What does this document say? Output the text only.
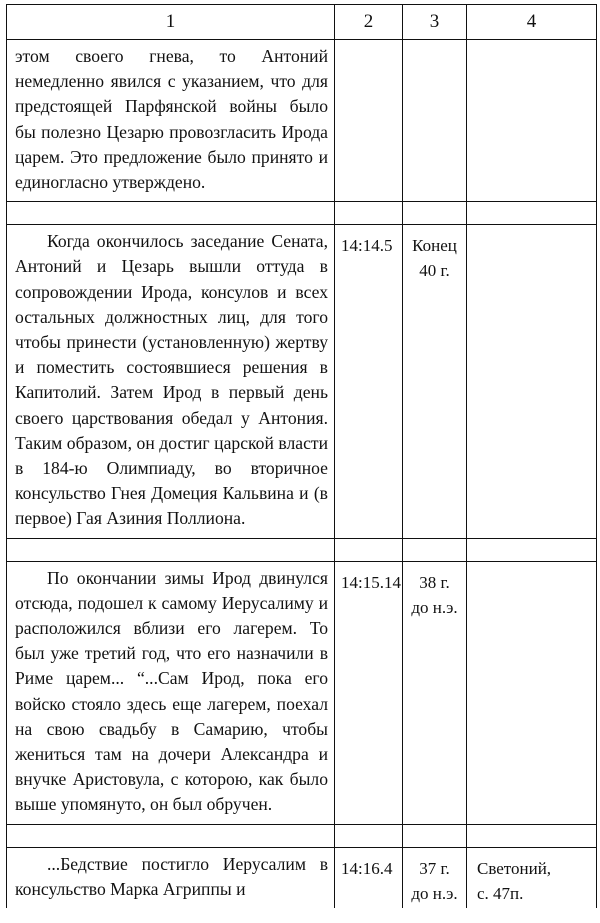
1	2	3	4

этом своего гнева, то Антоний немедленно явился с указанием, что для предстоящей Парфянской войны было бы полезно Цезарю провозгласить Ирода царем. Это предложение было принято и единогласно утверждено.			

Когда окончилось заседание Сената, Антоний и Цезарь вышли оттуда в сопровождении Ирода, консулов и всех остальных должностных лиц, для того чтобы принести (установленную) жертву и поместить состоявшиеся решения в Капитолий. Затем Ирод в первый день своего царствования обедал у Антония. Таким образом, он достиг царской власти в 184-ю Олимпиаду, во вторичное консульство Гнея Домеция Кальвина и (в первое) Гая Азиния Поллиона.	14:14.5	Конец
40 г.	

По окончании зимы Ирод двинулся отсюда, подошел к самому Иерусалиму и расположился вблизи его лагерем. То был уже третий год, что его назначили в Риме царем... “...Сам Ирод, пока его войско стояло здесь еще лагерем, поехал на свою свадьбу в Самарию, чтобы жениться там на дочери Александра и внучке Аристовула, с которою, как было выше упомянуто, он был обручен.	14:15.14	38 г.
до н.э.	

...Бедствие постигло Иерусалим в консульство Марка Агриппы и	14:16.4	37 г.
до н.э.	Светоний,
с. 47п.
